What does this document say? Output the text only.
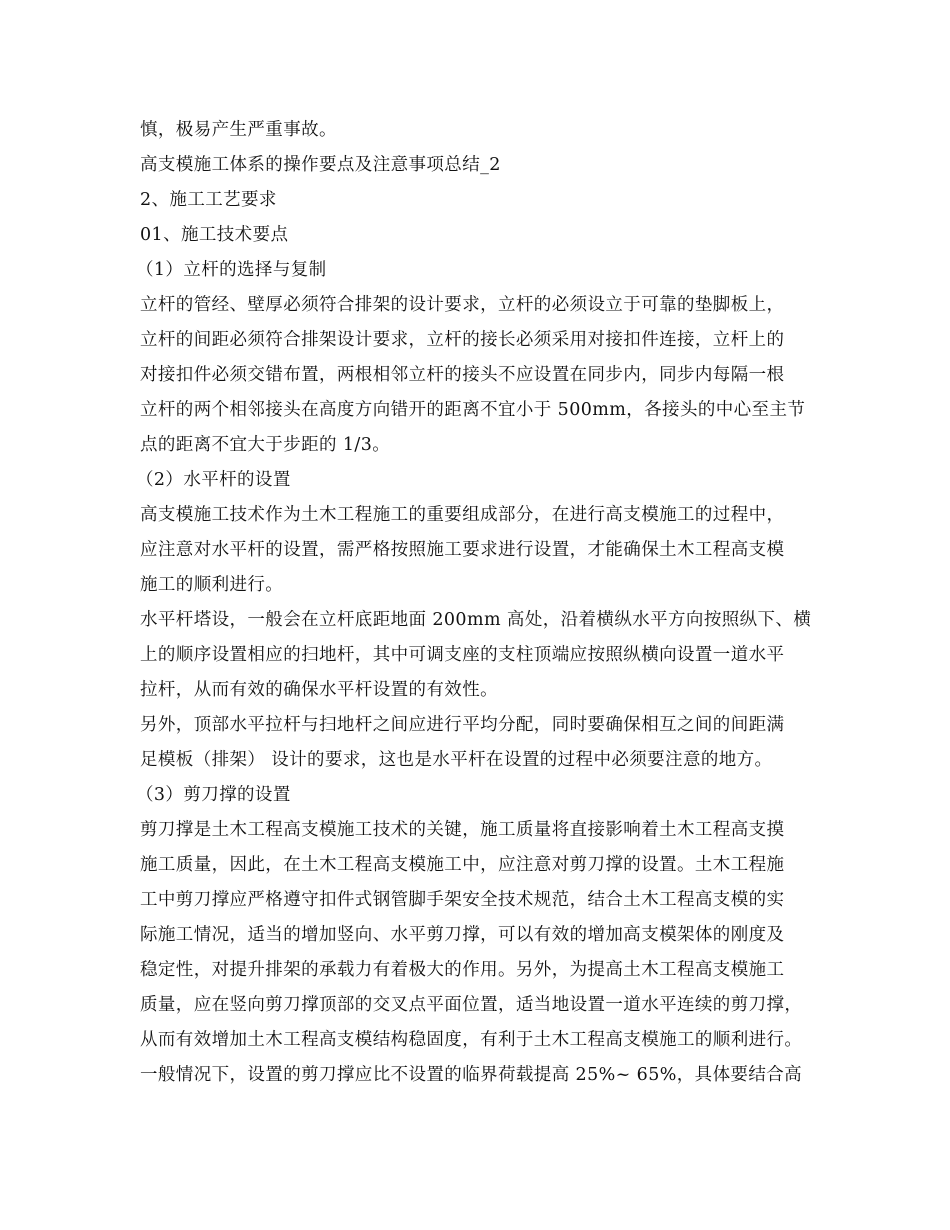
慎，极易产生严重事故。
高支模施工体系的操作要点及注意事项总结_2
2、施工工艺要求
01、施工技术要点
（1）立杆的选择与复制
立杆的管经、壁厚必须符合排架的设计要求，立杆的必须设立于可靠的垫脚板上，
立杆的间距必须符合排架设计要求，立杆的接长必须采用对接扣件连接，立杆上的
对接扣件必须交错布置，两根相邻立杆的接头不应设置在同步内，同步内每隔一根
立杆的两个相邻接头在高度方向错开的距离不宜小于 500mm，各接头的中心至主节
点的距离不宜大于步距的 1/3。
（2）水平杆的设置
高支模施工技术作为土木工程施工的重要组成部分，在进行高支模施工的过程中，
应注意对水平杆的设置，需严格按照施工要求进行设置，才能确保土木工程高支模
施工的顺利进行。
水平杆塔设，一般会在立杆底距地面 200mm 高处，沿着横纵水平方向按照纵下、横
上的顺序设置相应的扫地杆，其中可调支座的支柱顶端应按照纵横向设置一道水平
拉杆，从而有效的确保水平杆设置的有效性。
另外，顶部水平拉杆与扫地杆之间应进行平均分配，同时要确保相互之间的间距满
足模板（排架） 设计的要求，这也是水平杆在设置的过程中必须要注意的地方。
（3）剪刀撑的设置
剪刀撑是土木工程高支模施工技术的关键，施工质量将直接影响着土木工程高支摸
施工质量，因此，在土木工程高支模施工中，应注意对剪刀撑的设置。土木工程施
工中剪刀撑应严格遵守扣件式钢管脚手架安全技术规范，结合土木工程高支模的实
际施工情况，适当的增加竖向、水平剪刀撑，可以有效的增加高支模架体的刚度及
稳定性，对提升排架的承载力有着极大的作用。另外，为提高土木工程高支模施工
质量，应在竖向剪刀撑顶部的交叉点平面位置，适当地设置一道水平连续的剪刀撑，
从而有效增加土木工程高支模结构稳固度，有利于土木工程高支模施工的顺利进行。
一般情况下，设置的剪刀撑应比不设置的临界荷载提高 25%~ 65%，具体要结合高
